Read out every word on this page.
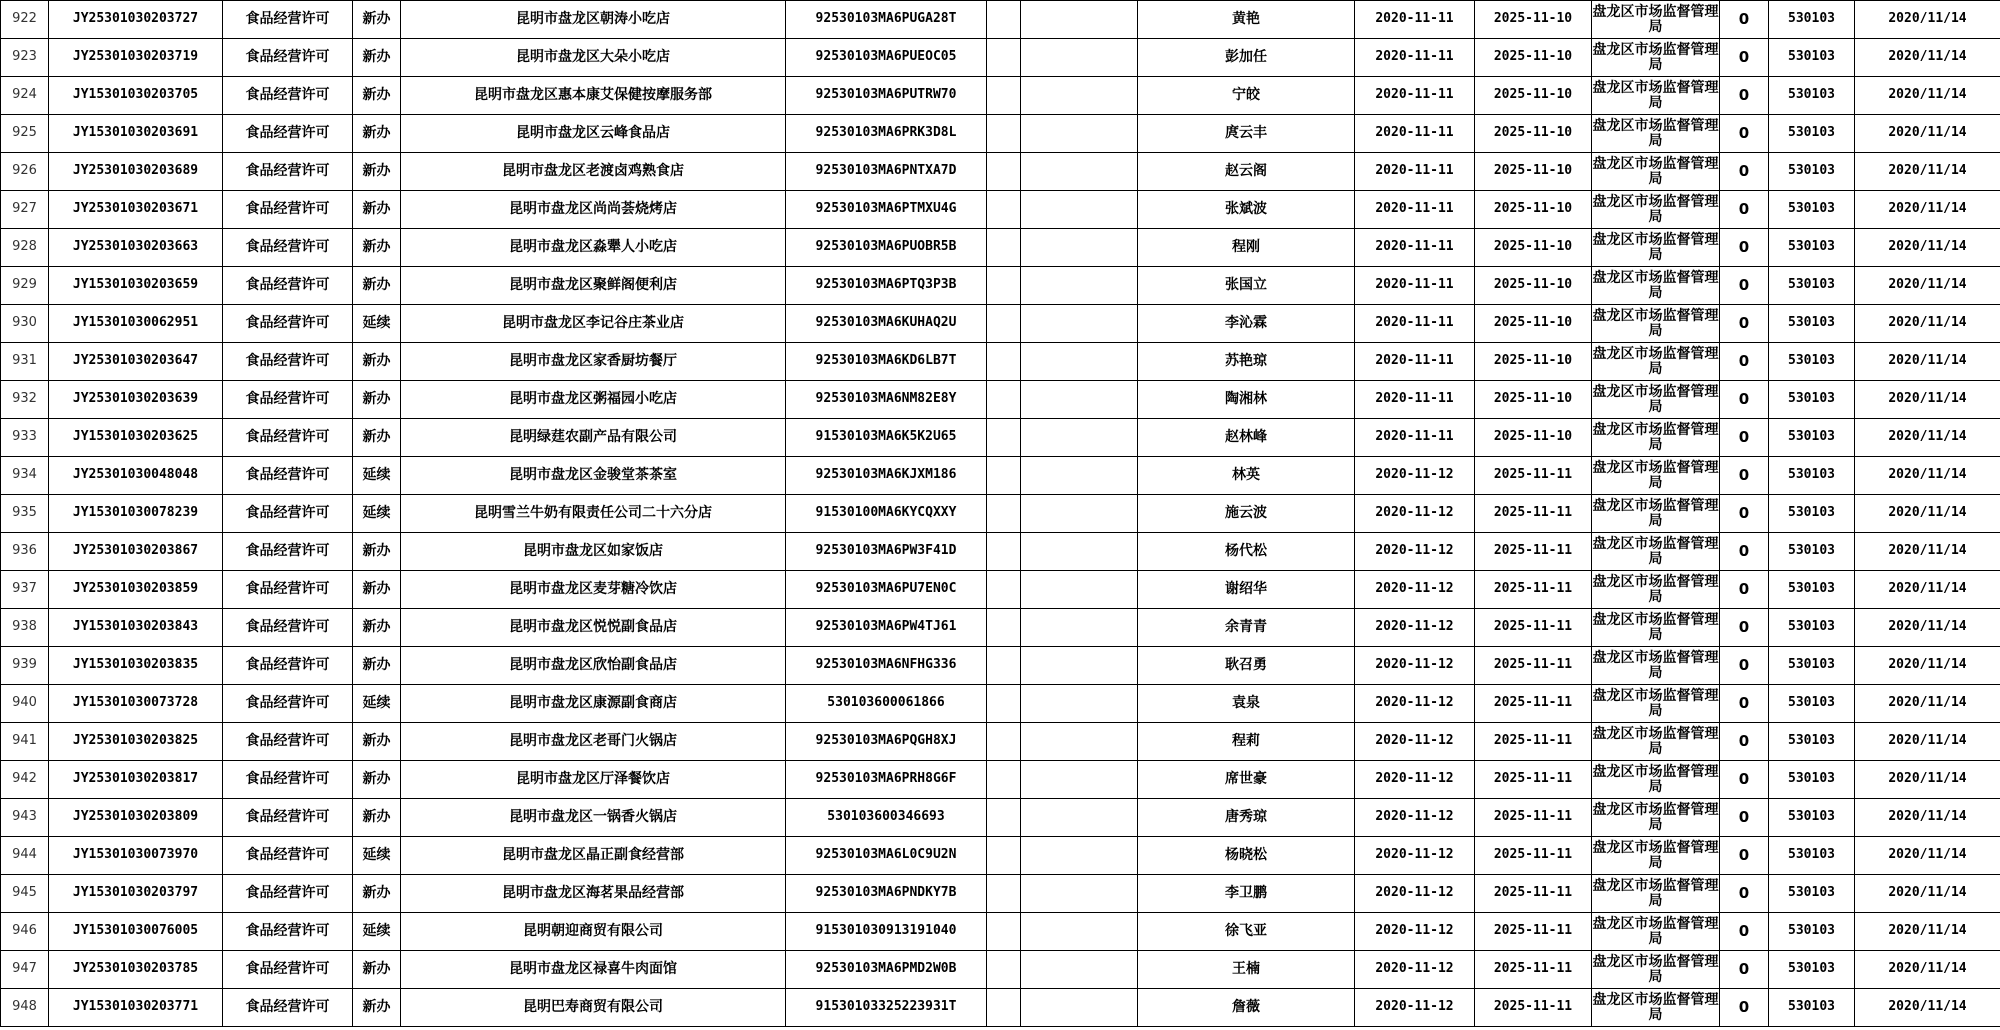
922	JY25301030203727	食品经营许可	新办	昆明市盘龙区朝涛小吃店	92530103MA6PUGA28T			黄艳	2020-11-11	2025-11-10	盘龙区市场监督管理局	0	530103	2020/11/14
923	JY25301030203719	食品经营许可	新办	昆明市盘龙区大朵小吃店	92530103MA6PUEOC05			彭加任	2020-11-11	2025-11-10	盘龙区市场监督管理局	0	530103	2020/11/14
924	JY15301030203705	食品经营许可	新办	昆明市盘龙区惠本康艾保健按摩服务部	92530103MA6PUTRW70			宁皎	2020-11-11	2025-11-10	盘龙区市场监督管理局	0	530103	2020/11/14
925	JY15301030203691	食品经营许可	新办	昆明市盘龙区云峰食品店	92530103MA6PRK3D8L			庹云丰	2020-11-11	2025-11-10	盘龙区市场监督管理局	0	530103	2020/11/14
926	JY25301030203689	食品经营许可	新办	昆明市盘龙区老渡卤鸡熟食店	92530103MA6PNTXA7D			赵云阁	2020-11-11	2025-11-10	盘龙区市场监督管理局	0	530103	2020/11/14
927	JY25301030203671	食品经营许可	新办	昆明市盘龙区尚尚荟烧烤店	92530103MA6PTMXU4G			张斌波	2020-11-11	2025-11-10	盘龙区市场监督管理局	0	530103	2020/11/14
928	JY25301030203663	食品经营许可	新办	昆明市盘龙区淼犟人小吃店	92530103MA6PUOBR5B			程刚	2020-11-11	2025-11-10	盘龙区市场监督管理局	0	530103	2020/11/14
929	JY15301030203659	食品经营许可	新办	昆明市盘龙区聚鲜阁便利店	92530103MA6PTQ3P3B			张国立	2020-11-11	2025-11-10	盘龙区市场监督管理局	0	530103	2020/11/14
930	JY15301030062951	食品经营许可	延续	昆明市盘龙区李记谷庄茶业店	92530103MA6KUHAQ2U			李沁霖	2020-11-11	2025-11-10	盘龙区市场监督管理局	0	530103	2020/11/14
931	JY25301030203647	食品经营许可	新办	昆明市盘龙区家香厨坊餐厅	92530103MA6KD6LB7T			苏艳琼	2020-11-11	2025-11-10	盘龙区市场监督管理局	0	530103	2020/11/14
932	JY25301030203639	食品经营许可	新办	昆明市盘龙区粥福园小吃店	92530103MA6NM82E8Y			陶湘林	2020-11-11	2025-11-10	盘龙区市场监督管理局	0	530103	2020/11/14
933	JY15301030203625	食品经营许可	新办	昆明绿莛农副产品有限公司	91530103MA6K5K2U65			赵林峰	2020-11-11	2025-11-10	盘龙区市场监督管理局	0	530103	2020/11/14
934	JY25301030048048	食品经营许可	延续	昆明市盘龙区金骏堂茶茶室	92530103MA6KJXM186			林英	2020-11-12	2025-11-11	盘龙区市场监督管理局	0	530103	2020/11/14
935	JY15301030078239	食品经营许可	延续	昆明雪兰牛奶有限责任公司二十六分店	91530100MA6KYCQXXY			施云波	2020-11-12	2025-11-11	盘龙区市场监督管理局	0	530103	2020/11/14
936	JY25301030203867	食品经营许可	新办	昆明市盘龙区如家饭店	92530103MA6PW3F41D			杨代松	2020-11-12	2025-11-11	盘龙区市场监督管理局	0	530103	2020/11/14
937	JY25301030203859	食品经营许可	新办	昆明市盘龙区麦芽糖冷饮店	92530103MA6PU7EN0C			谢绍华	2020-11-12	2025-11-11	盘龙区市场监督管理局	0	530103	2020/11/14
938	JY15301030203843	食品经营许可	新办	昆明市盘龙区悦悦副食品店	92530103MA6PW4TJ61			余青青	2020-11-12	2025-11-11	盘龙区市场监督管理局	0	530103	2020/11/14
939	JY15301030203835	食品经营许可	新办	昆明市盘龙区欣怡副食品店	92530103MA6NFHG336			耿召勇	2020-11-12	2025-11-11	盘龙区市场监督管理局	0	530103	2020/11/14
940	JY15301030073728	食品经营许可	延续	昆明市盘龙区康源副食商店	530103600061866			袁泉	2020-11-12	2025-11-11	盘龙区市场监督管理局	0	530103	2020/11/14
941	JY25301030203825	食品经营许可	新办	昆明市盘龙区老哥门火锅店	92530103MA6PQGH8XJ			程莉	2020-11-12	2025-11-11	盘龙区市场监督管理局	0	530103	2020/11/14
942	JY25301030203817	食品经营许可	新办	昆明市盘龙区厅泽餐饮店	92530103MA6PRH8G6F			席世豪	2020-11-12	2025-11-11	盘龙区市场监督管理局	0	530103	2020/11/14
943	JY25301030203809	食品经营许可	新办	昆明市盘龙区一锅香火锅店	530103600346693			唐秀琼	2020-11-12	2025-11-11	盘龙区市场监督管理局	0	530103	2020/11/14
944	JY15301030073970	食品经营许可	延续	昆明市盘龙区晶正副食经营部	92530103MA6L0C9U2N			杨晓松	2020-11-12	2025-11-11	盘龙区市场监督管理局	0	530103	2020/11/14
945	JY15301030203797	食品经营许可	新办	昆明市盘龙区海茗果品经营部	92530103MA6PNDKY7B			李卫鹏	2020-11-12	2025-11-11	盘龙区市场监督管理局	0	530103	2020/11/14
946	JY15301030076005	食品经营许可	延续	昆明朝迎商贸有限公司	915301030913191040			徐飞亚	2020-11-12	2025-11-11	盘龙区市场监督管理局	0	530103	2020/11/14
947	JY25301030203785	食品经营许可	新办	昆明市盘龙区禄喜牛肉面馆	92530103MA6PMD2W0B			王楠	2020-11-12	2025-11-11	盘龙区市场监督管理局	0	530103	2020/11/14
948	JY15301030203771	食品经营许可	新办	昆明巴寿商贸有限公司	91530103325223931T			詹薇	2020-11-12	2025-11-11	盘龙区市场监督管理局	0	530103	2020/11/14
